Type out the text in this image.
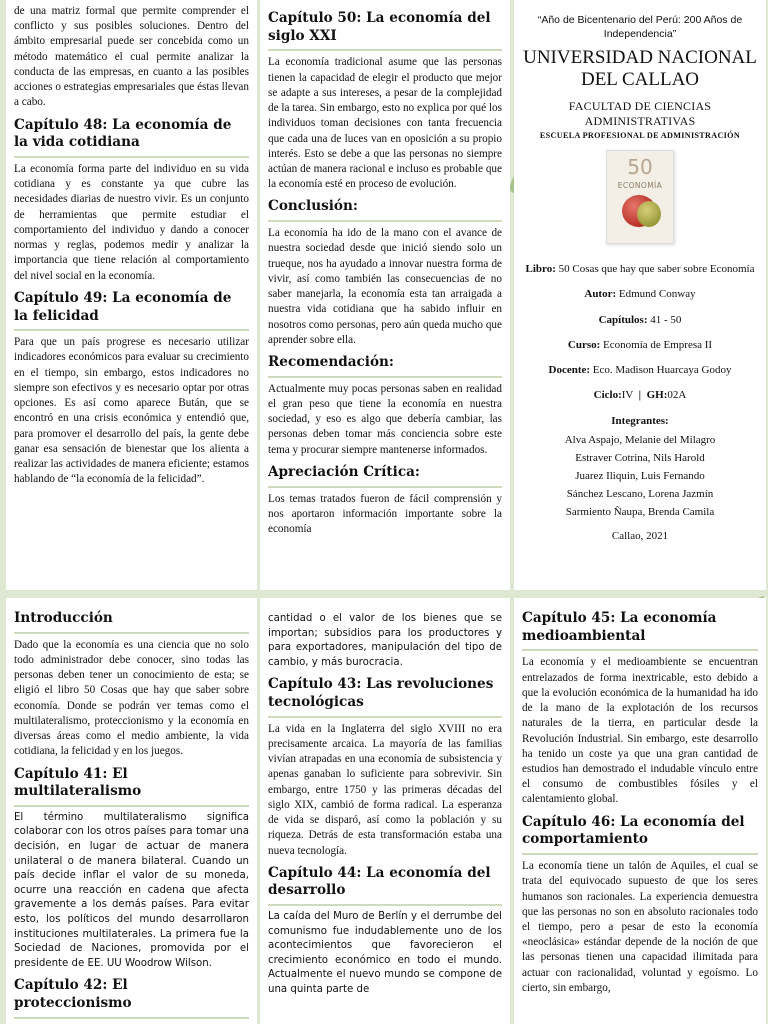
de una matriz formal que permite comprender el conflicto y sus posibles soluciones. Dentro del ámbito empresarial puede ser concebida como un método matemático el cual permite analizar la conducta de las empresas, en cuanto a las posibles acciones o estrategias empresariales que éstas llevan a cabo.

Capítulo 48: La economía de la vida cotidiana

La economía forma parte del individuo en su vida cotidiana y es constante ya que cubre las necesidades diarias de nuestro vivir. Es un conjunto de herramientas que permite estudiar el comportamiento del individuo y dando a conocer normas y reglas, podemos medir y analizar la importancia que tiene relación al comportamiento del nivel social en la economía.

Capítulo 49: La economía de la felicidad

Para que un país progrese es necesario utilizar indicadores económicos para evaluar su crecimiento en el tiempo, sin embargo, estos indicadores no siempre son efectivos y es necesario optar por otras opciones. Es así como aparece Bután, que se encontró en una crisis económica y entendió que, para promover el desarrollo del país, la gente debe ganar esa sensación de bienestar que los alienta a realizar las actividades de manera eficiente; estamos hablando de “la economía de la felicidad”.

Capítulo 50: La economía del siglo XXI

La economía tradicional asume que las personas tienen la capacidad de elegir el producto que mejor se adapte a sus intereses, a pesar de la complejidad de la tarea. Sin embargo, esto no explica por qué los individuos toman decisiones con tanta frecuencia que cada una de luces van en oposición a su propio interés. Esto se debe a que las personas no siempre actúan de manera racional e incluso es probable que la economía esté en proceso de evolución.

Conclusión:

La economía ha ido de la mano con el avance de nuestra sociedad desde que inició siendo solo un trueque, nos ha ayudado a innovar nuestra forma de vivir, así como también las consecuencias de no saber manejarla, la economía esta tan arraigada a nuestra vida cotidiana que ha sabido influir en nosotros como personas, pero aún queda mucho que aprender sobre ella.

Recomendación:

Actualmente muy pocas personas saben en realidad el gran peso que tiene la economía en nuestra sociedad, y eso es algo que debería cambiar, las personas deben tomar más conciencia sobre este tema y procurar siempre mantenerse informados.

Apreciación Crítica:

Los temas tratados fueron de fácil comprensión y nos aportaron información importante sobre la economía

“Año de Bicentenario del Perú: 200 Años de Independencia”
UNIVERSIDAD NACIONAL DEL CALLAO
FACULTAD DE CIENCIAS ADMINISTRATIVAS
ESCUELA PROFESIONAL DE ADMINISTRACIÓN
50
ECONOMÍA
Libro: 50 Cosas que hay que saber sobre Economía
Autor: Edmund Conway
Capítulos: 41 - 50
Curso: Economía de Empresa II
Docente: Eco. Madison Huarcaya Godoy
Ciclo:IV | GH:02A
Integrantes:
Alva Aspajo, Melanie del Milagro
Estraver Cotrina, Nils Harold
Juarez Iliquin, Luis Fernando
Sánchez Lescano, Lorena Jazmín
Sarmiento Ñaupa, Brenda Camila
Callao, 2021
Introducción

Dado que la economía es una ciencia que no solo todo administrador debe conocer, sino todas las personas deben tener un conocimiento de esta; se eligió el libro 50 Cosas que hay que saber sobre economía. Donde se podrán ver temas como el multilateralismo, proteccionismo y la economía en diversas áreas como el medio ambiente, la vida cotidiana, la felicidad y en los juegos.

Capítulo 41: El multilateralismo

El término multilateralismo significa colaborar con los otros países para tomar una decisión, en lugar de actuar de manera unilateral o de manera bilateral. Cuando un país decide inflar el valor de su moneda, ocurre una reacción en cadena que afecta gravemente a los demás países. Para evitar esto, los políticos del mundo desarrollaron instituciones multilaterales. La primera fue la Sociedad de Naciones, promovida por el presidente de EE. UU Woodrow Wilson.

Capítulo 42: El proteccionismo

cantidad o el valor de los bienes que se importan; subsidios para los productores y para exportadores, manipulación del tipo de cambio, y más burocracia.

Capítulo 43: Las revoluciones tecnológicas

La vida en la Inglaterra del siglo XVIII no era precisamente arcaica. La mayoría de las familias vivían atrapadas en una economía de subsistencia y apenas ganaban lo suficiente para sobrevivir. Sin embargo, entre 1750 y las primeras décadas del siglo XIX, cambió de forma radical. La esperanza de vida se disparó, así como la población y su riqueza. Detrás de esta transformación estaba una nueva tecnología.

Capítulo 44: La economía del desarrollo

La caída del Muro de Berlín y el derrumbe del comunismo fue indudablemente uno de los acontecimientos que favorecieron el crecimiento económico en todo el mundo. Actualmente el nuevo mundo se compone de una quinta parte de

Capítulo 45: La economía medioambiental

La economía y el medioambiente se encuentran entrelazados de forma inextricable, esto debido a que la evolución económica de la humanidad ha ido de la mano de la explotación de los recursos naturales de la tierra, en particular desde la Revolución Industrial. Sin embargo, este desarrollo ha tenido un coste ya que una gran cantidad de estudios han demostrado el indudable vínculo entre el consumo de combustibles fósiles y el calentamiento global.

Capítulo 46: La economía del comportamiento

La economía tiene un talón de Aquiles, el cual se trata del equivocado supuesto de que los seres humanos son racionales. La experiencia demuestra que las personas no son en absoluto racionales todo el tiempo, pero a pesar de esto la economía «neoclásica» estándar depende de la noción de que las personas tienen una capacidad ilimitada para actuar con racionalidad, voluntad y egoísmo. Lo cierto, sin embargo,
